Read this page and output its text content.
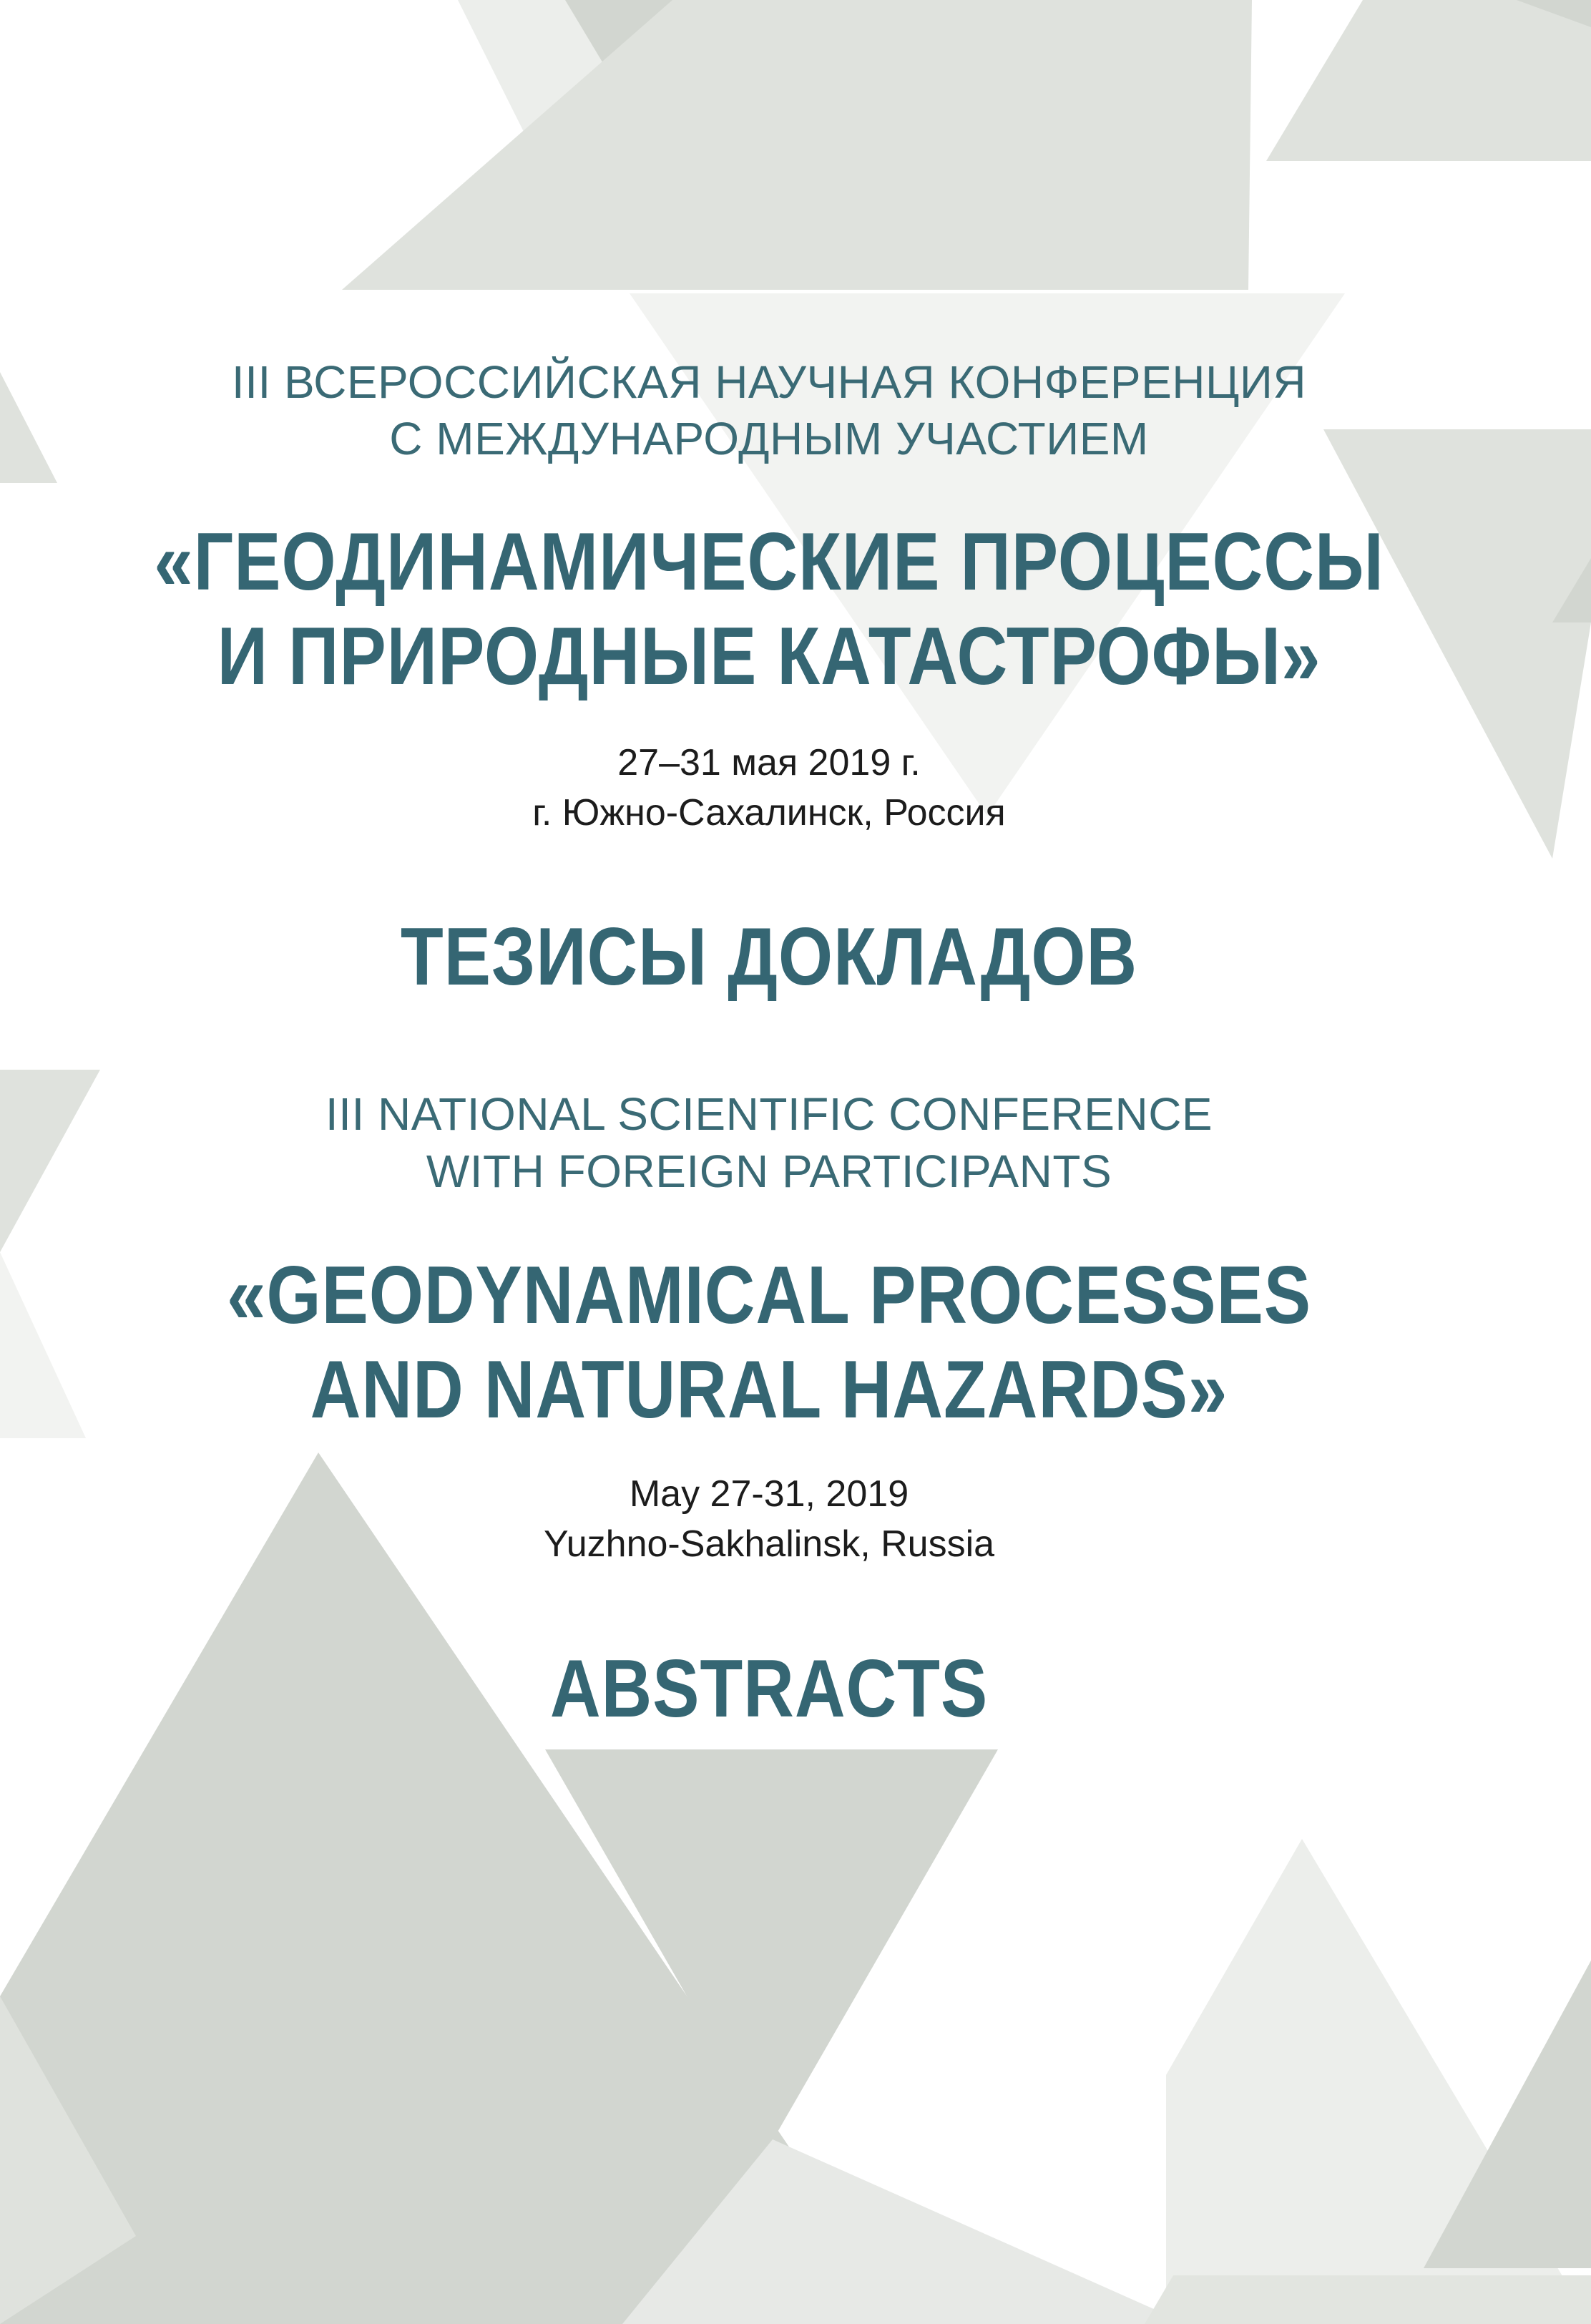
III ВСЕРОССИЙСКАЯ НАУЧНАЯ КОНФЕРЕНЦИЯ
С МЕЖДУНАРОДНЫМ УЧАСТИЕМ
«ГЕОДИНАМИЧЕСКИЕ ПРОЦЕССЫ
И ПРИРОДНЫЕ КАТАСТРОФЫ»
27–31 мая 2019 г.
г. Южно-Сахалинск, Россия
ТЕЗИСЫ ДОКЛАДОВ
III NATIONAL SCIENTIFIC CONFERENCE
WITH FOREIGN PARTICIPANTS
«GEODYNAMICAL PROCESSES
AND NATURAL HAZARDS»
May 27-31, 2019
Yuzhno-Sakhalinsk, Russia
ABSTRACTS
